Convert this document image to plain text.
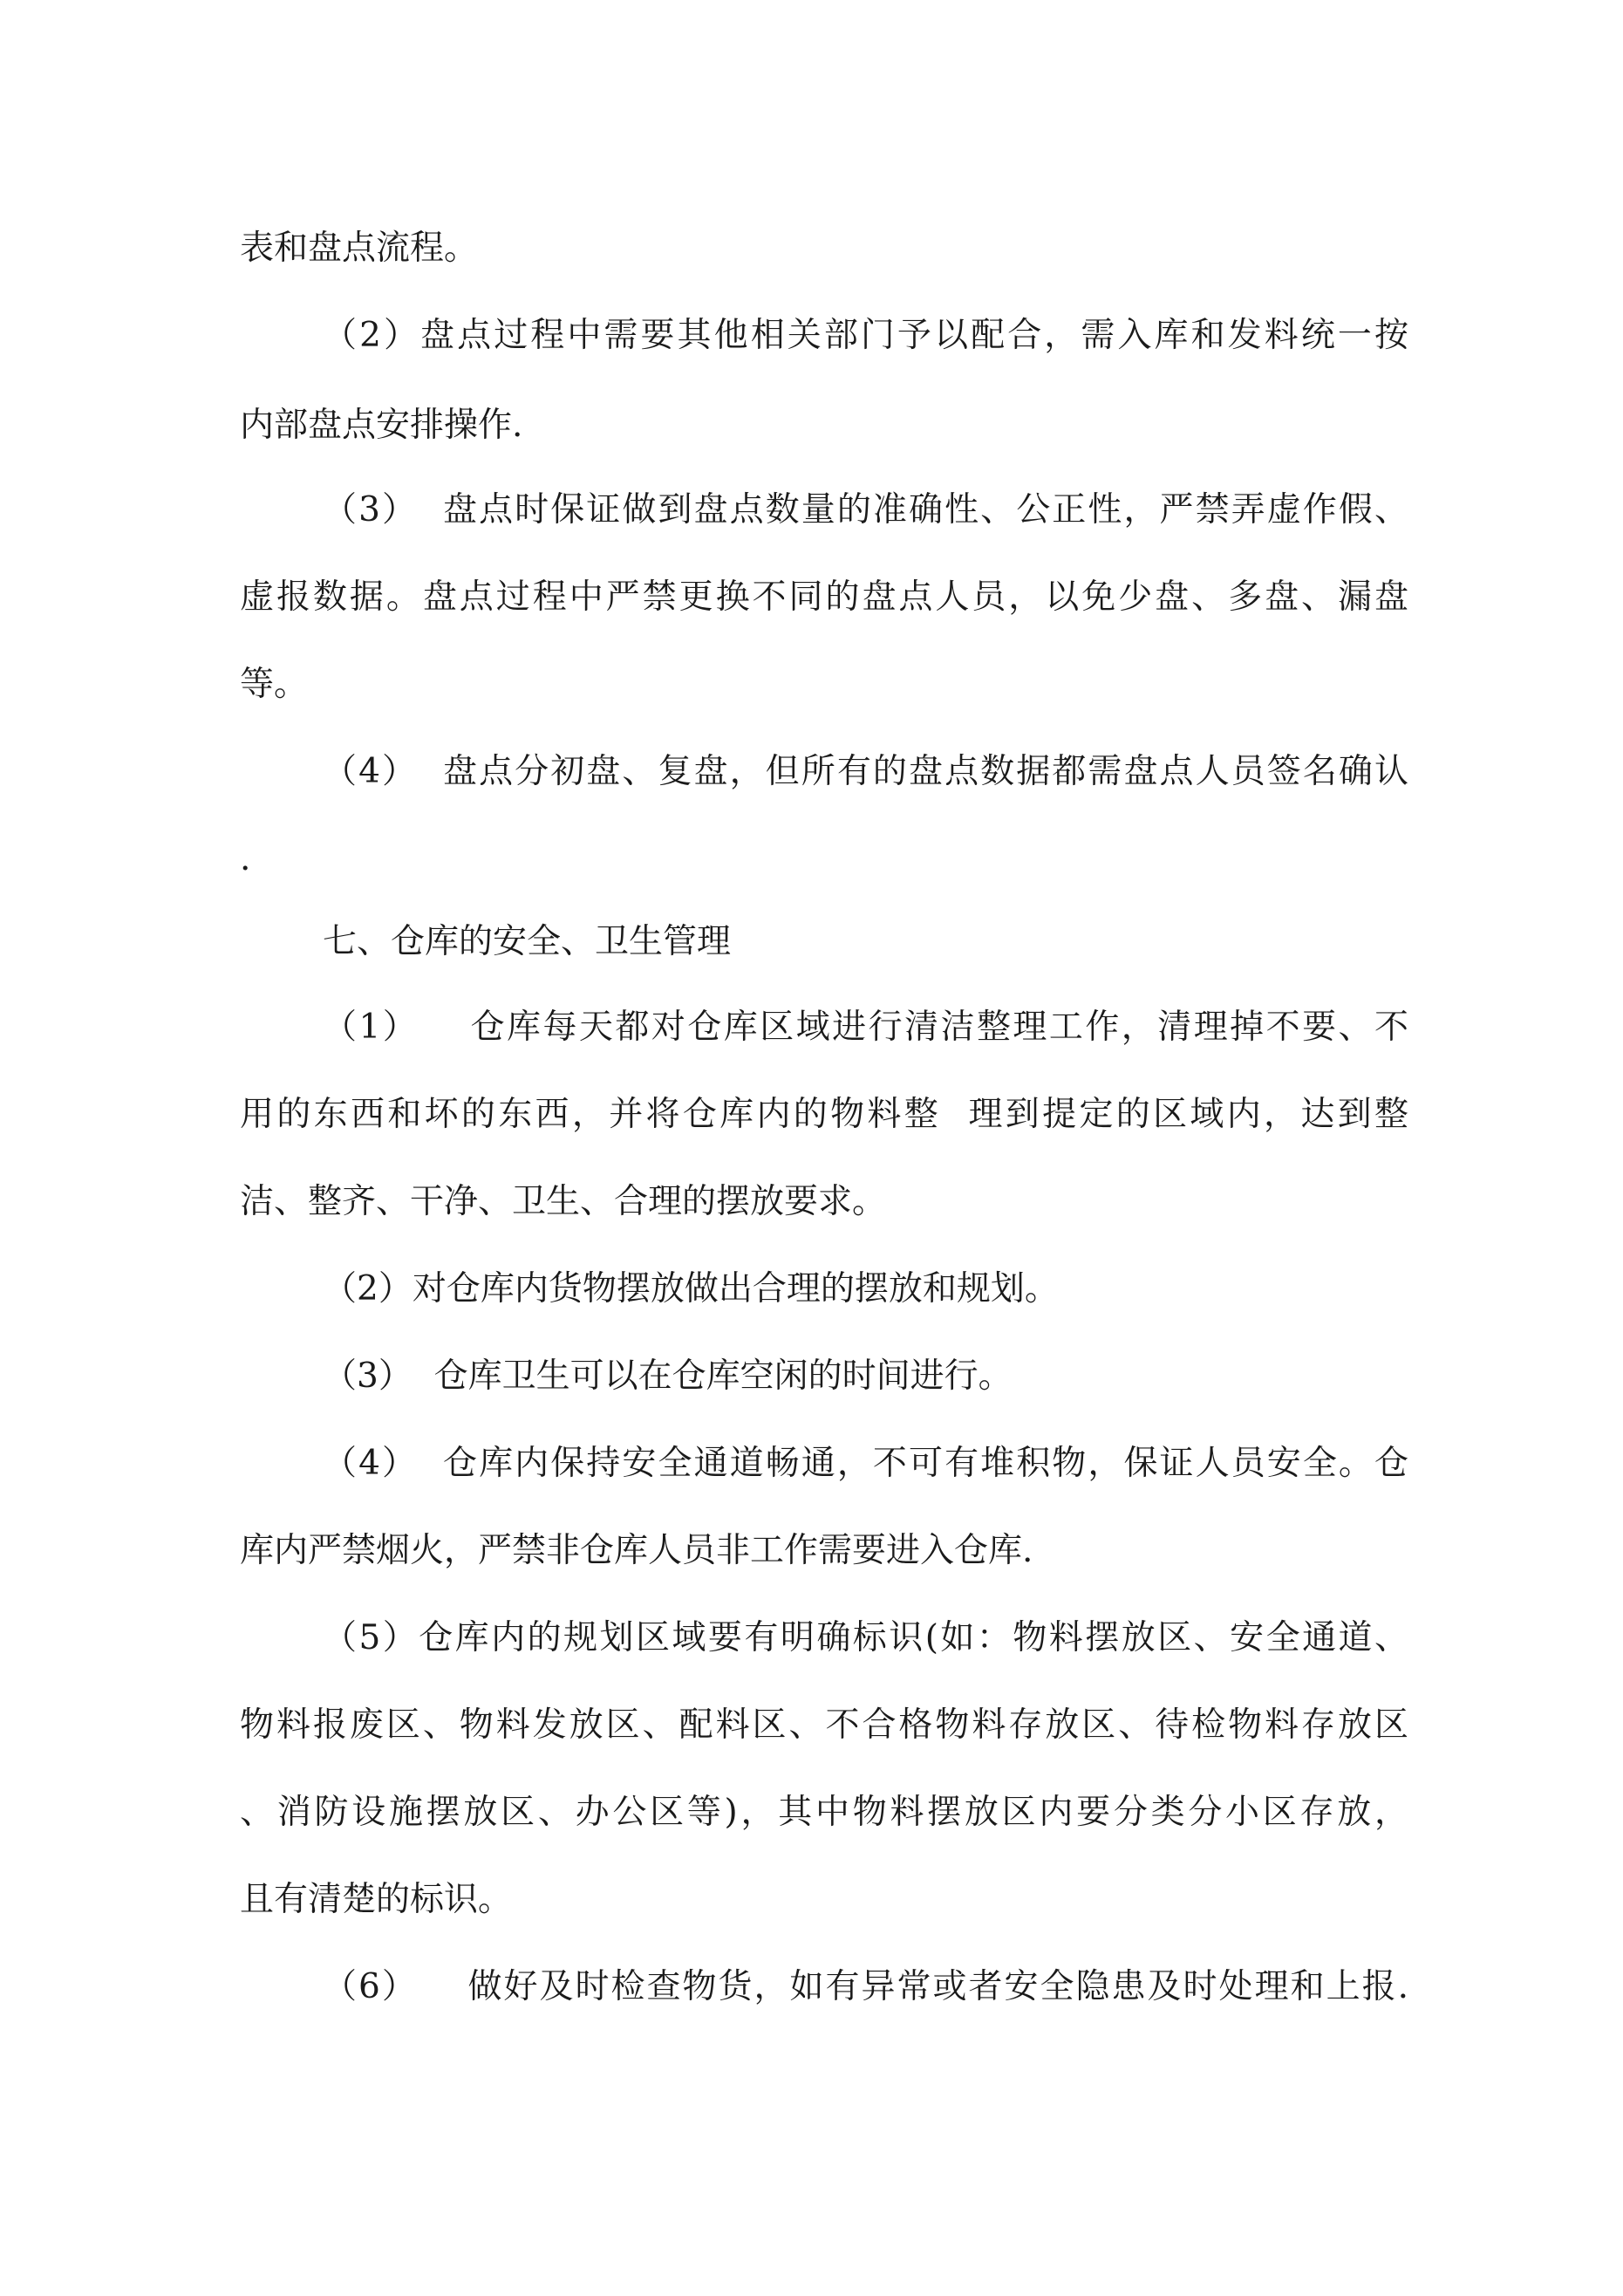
表和盘点流程。
（2）盘点过程中需要其他相关部门予以配合，需入库和发料统一按
内部盘点安排操作.
（3）  盘点时保证做到盘点数量的准确性、公正性，严禁弄虚作假、
虚报数据。盘点过程中严禁更换不同的盘点人员，以免少盘、多盘、漏盘
等。
（4）  盘点分初盘、复盘，但所有的盘点数据都需盘点人员签名确认
.
七、仓库的安全、卫生管理
（1）    仓库每天都对仓库区域进行清洁整理工作，清理掉不要、不
用的东西和坏的东西，并将仓库内的物料整  理到提定的区域内，达到整
洁、整齐、干净、卫生、合理的摆放要求。
（2）对仓库内货物摆放做出合理的摆放和规划。
（3）  仓库卫生可以在仓库空闲的时间进行。
（4）  仓库内保持安全通道畅通，不可有堆积物，保证人员安全。仓
库内严禁烟火，严禁非仓库人员非工作需要进入仓库.
（5）仓库内的规划区域要有明确标识(如：物料摆放区、安全通道、
物料报废区、物料发放区、配料区、不合格物料存放区、待检物料存放区
、消防设施摆放区、办公区等)，其中物料摆放区内要分类分小区存放，
且有清楚的标识。
（6）    做好及时检查物货，如有异常或者安全隐患及时处理和上报.
